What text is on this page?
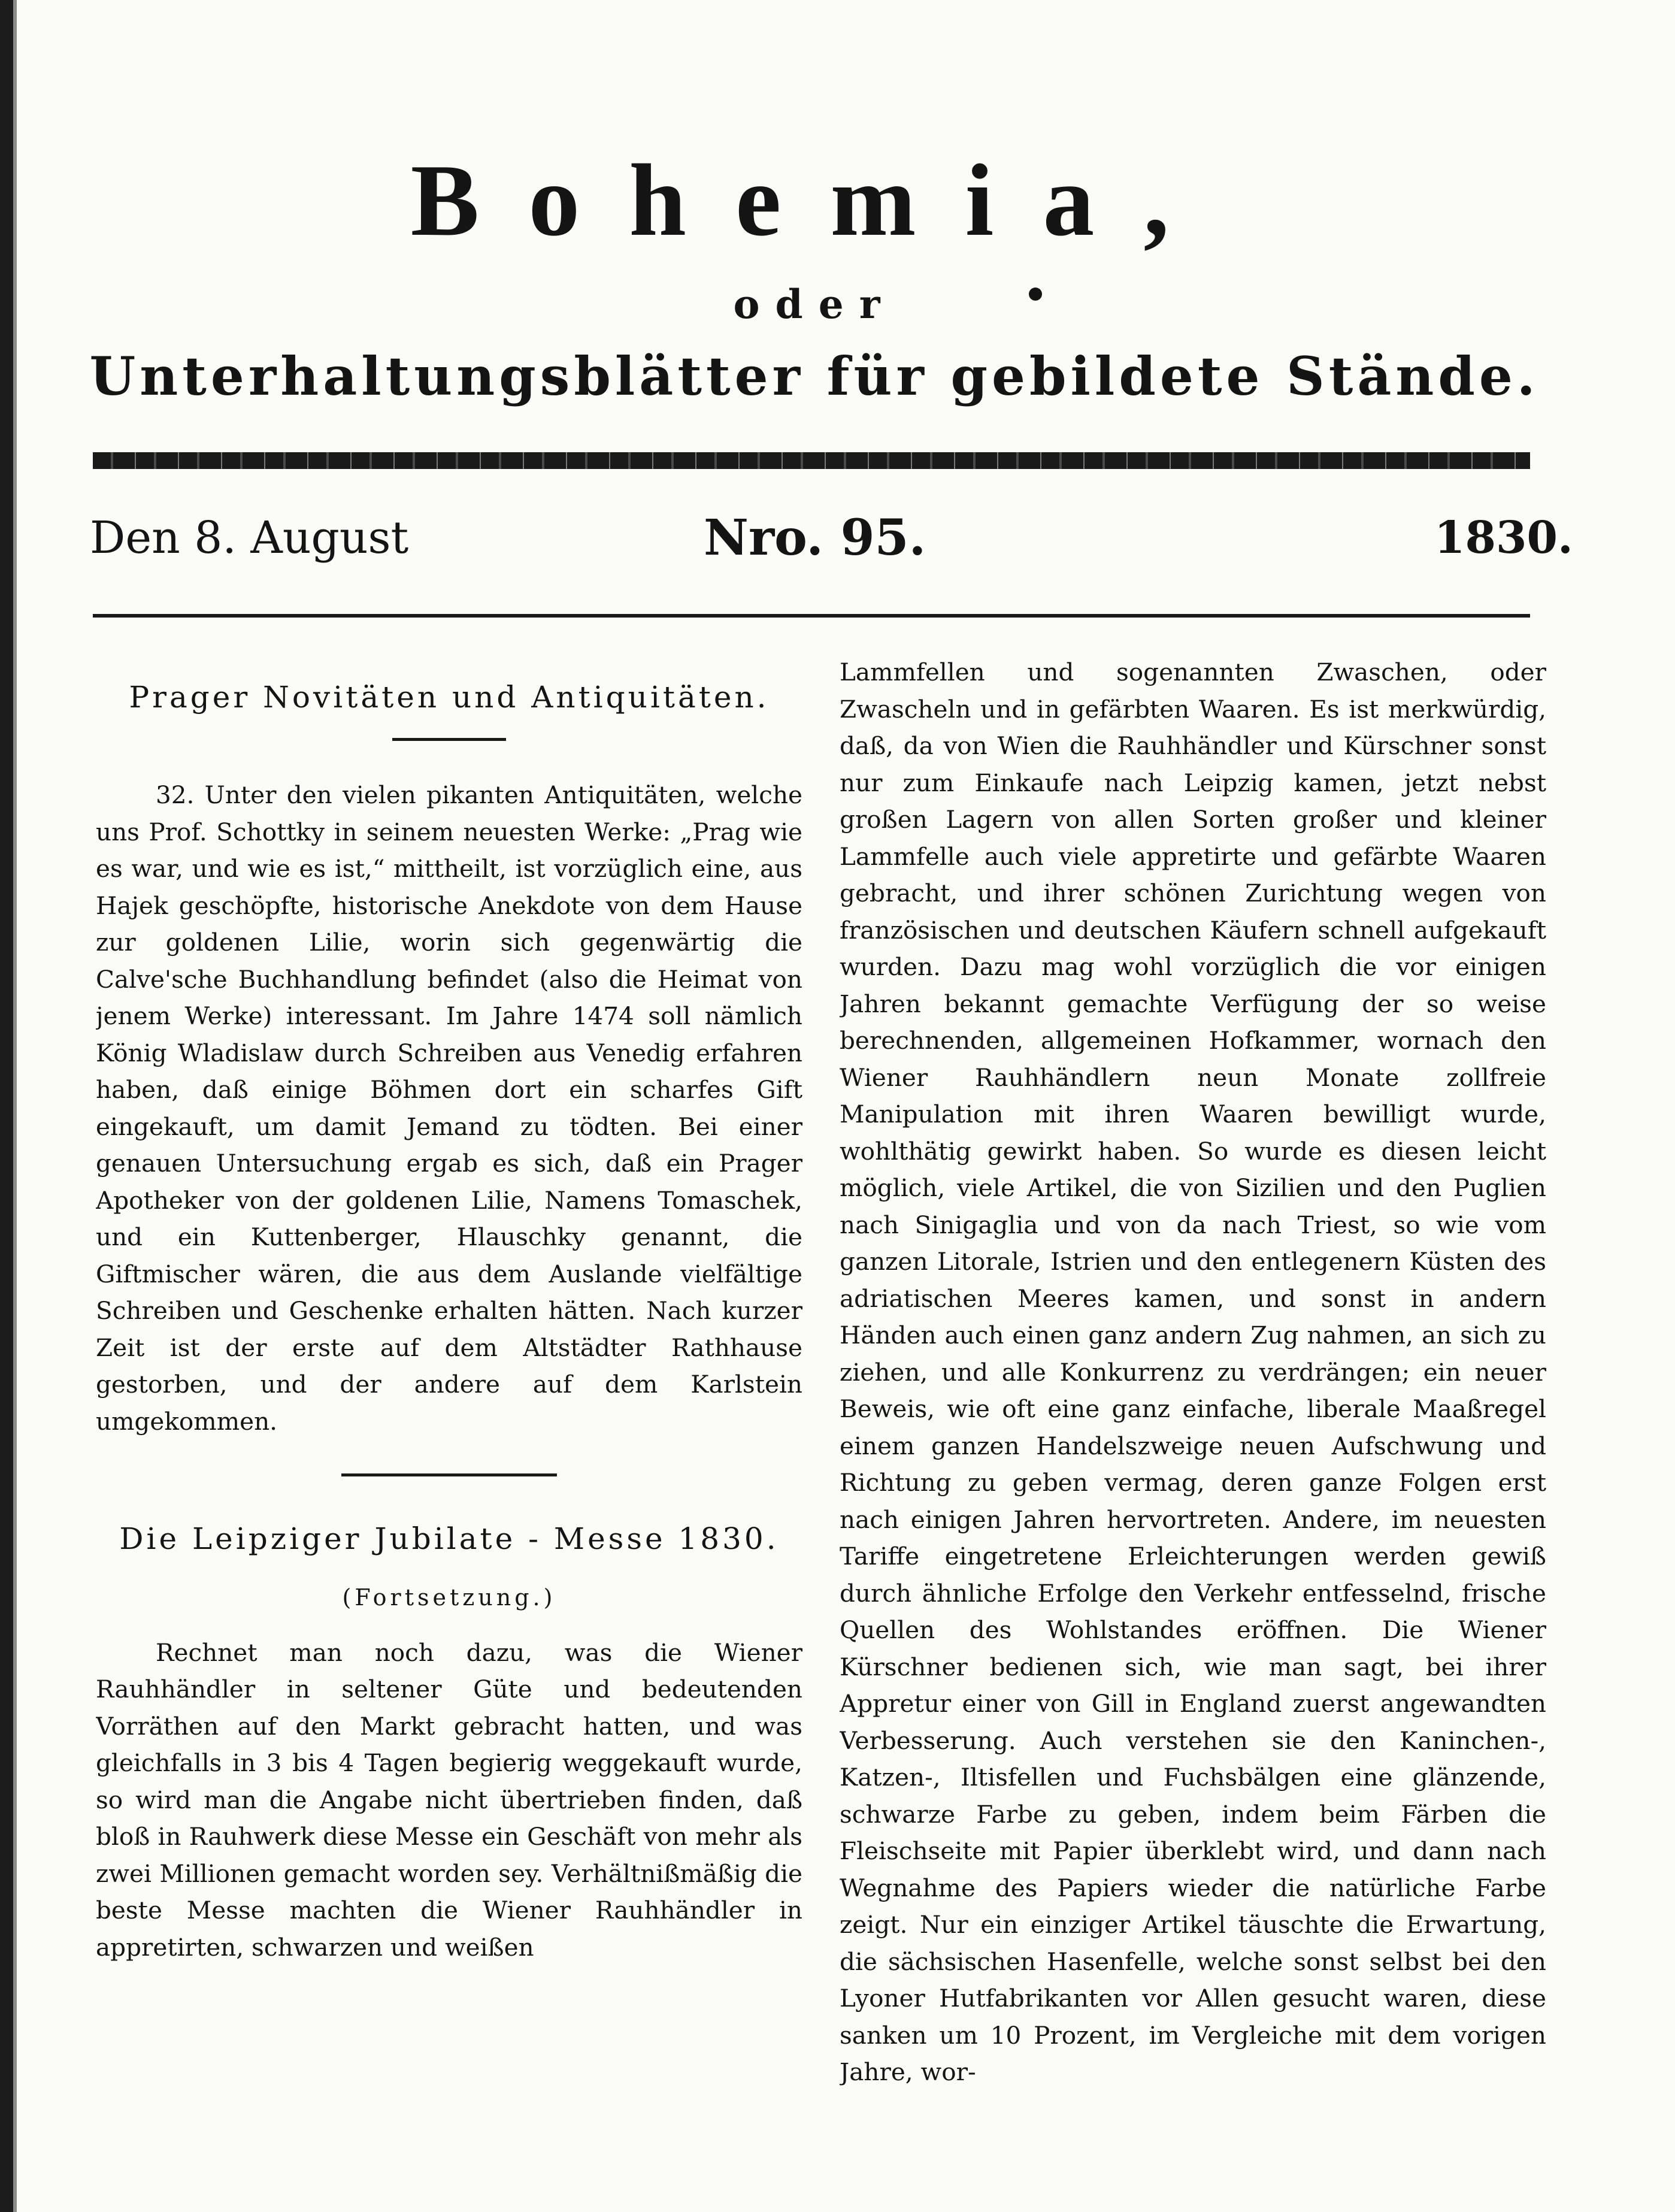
Bohemia,
oder
Unterhaltungsblätter für gebildete Stände.
Den 8. August	Nro. 95.	1830.

Prager Novitäten und Antiquitäten.

32. Unter den vielen pikanten Antiquitäten, welche uns Prof. Schottky in seinem neuesten Werke: „Prag wie es war, und wie es ist,“ mittheilt, ist vorzüglich eine, aus Hajek geschöpfte, historische Anekdote von dem Hause zur goldenen Lilie, worin sich gegenwärtig die Calve'sche Buchhandlung befindet (also die Heimat von jenem Werke) interessant. Im Jahre 1474 soll nämlich König Wladislaw durch Schreiben aus Venedig erfahren haben, daß einige Böhmen dort ein scharfes Gift eingekauft, um damit Jemand zu tödten. Bei einer genauen Untersuchung ergab es sich, daß ein Prager Apotheker von der goldenen Lilie, Namens Tomaschek, und ein Kuttenberger, Hlauschky genannt, die Giftmischer wären, die aus dem Auslande vielfältige Schreiben und Geschenke erhalten hätten. Nach kurzer Zeit ist der erste auf dem Altstädter Rathhause gestorben, und der andere auf dem Karlstein umgekommen.

Die Leipziger Jubilate - Messe 1830.

(Fortsetzung.)

Rechnet man noch dazu, was die Wiener Rauhhändler in seltener Güte und bedeutenden Vorräthen auf den Markt gebracht hatten, und was gleichfalls in 3 bis 4 Tagen begierig weggekauft wurde, so wird man die Angabe nicht übertrieben finden, daß bloß in Rauhwerk diese Messe ein Geschäft von mehr als zwei Millionen gemacht worden sey. Verhältnißmäßig die beste Messe machten die Wiener Rauhhändler in appretirten, schwarzen und weißen

Lammfellen und sogenannten Zwaschen, oder Zwascheln und in gefärbten Waaren. Es ist merkwürdig, daß, da von Wien die Rauhhändler und Kürschner sonst nur zum Einkaufe nach Leipzig kamen, jetzt nebst großen Lagern von allen Sorten großer und kleiner Lammfelle auch viele appretirte und gefärbte Waaren gebracht, und ihrer schönen Zurichtung wegen von französischen und deutschen Käufern schnell aufgekauft wurden. Dazu mag wohl vorzüglich die vor einigen Jahren bekannt gemachte Verfügung der so weise berechnenden, allgemeinen Hofkammer, wornach den Wiener Rauhhändlern neun Monate zollfreie Manipulation mit ihren Waaren bewilligt wurde, wohlthätig gewirkt haben. So wurde es diesen leicht möglich, viele Artikel, die von Sizilien und den Puglien nach Sinigaglia und von da nach Triest, so wie vom ganzen Litorale, Istrien und den entlegenern Küsten des adriatischen Meeres kamen, und sonst in andern Händen auch einen ganz andern Zug nahmen, an sich zu ziehen, und alle Konkurrenz zu verdrängen; ein neuer Beweis, wie oft eine ganz einfache, liberale Maaßregel einem ganzen Handelszweige neuen Aufschwung und Richtung zu geben vermag, deren ganze Folgen erst nach einigen Jahren hervortreten. Andere, im neuesten Tariffe eingetretene Erleichterungen werden gewiß durch ähnliche Erfolge den Verkehr entfesselnd, frische Quellen des Wohlstandes eröffnen. Die Wiener Kürschner bedienen sich, wie man sagt, bei ihrer Appretur einer von Gill in England zuerst angewandten Verbesserung. Auch verstehen sie den Kaninchen-, Katzen-, Iltisfellen und Fuchsbälgen eine glänzende, schwarze Farbe zu geben, indem beim Färben die Fleischseite mit Papier überklebt wird, und dann nach Wegnahme des Papiers wieder die natürliche Farbe zeigt. Nur ein einziger Artikel täuschte die Erwartung, die sächsischen Hasenfelle, welche sonst selbst bei den Lyoner Hutfabrikanten vor Allen gesucht waren, diese sanken um 10 Prozent, im Vergleiche mit dem vorigen Jahre, wor-
